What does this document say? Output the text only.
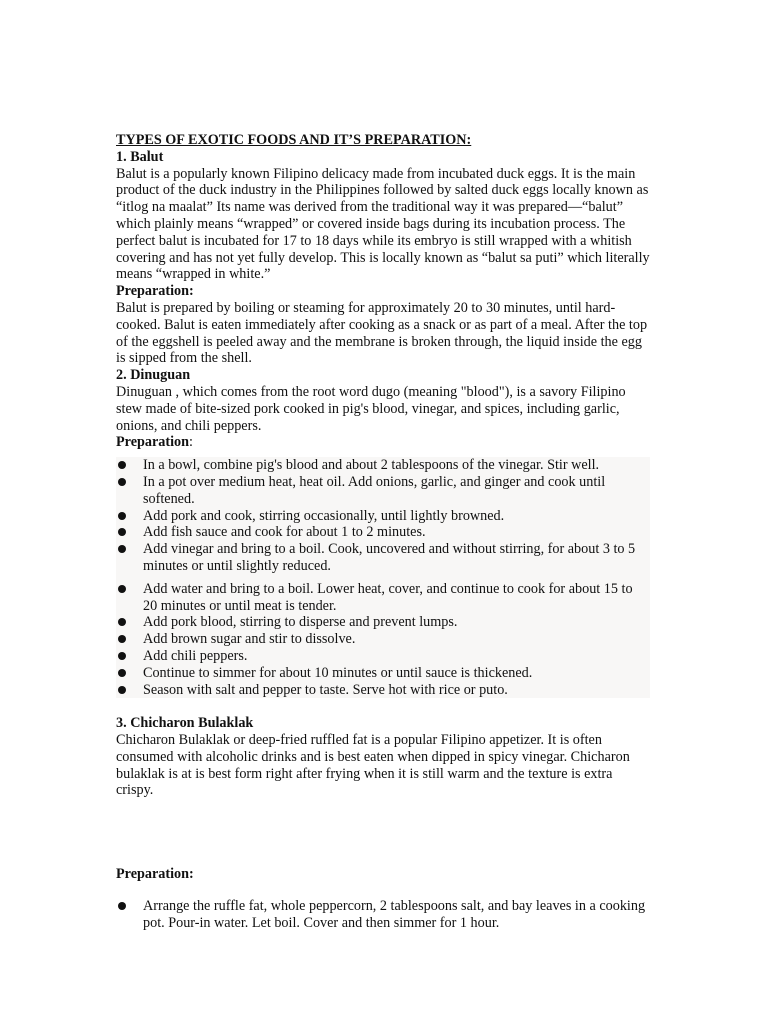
TYPES OF EXOTIC FOODS AND IT’S PREPARATION:

1. Balut

Balut is a popularly known Filipino delicacy made from incubated duck eggs. It is the main product of the duck industry in the Philippines followed by salted duck eggs locally known as “itlog na maalat” Its name was derived from the traditional way it was prepared—“balut” which plainly means “wrapped” or covered inside bags during its incubation process. The perfect balut is incubated for 17 to 18 days while its embryo is still wrapped with a whitish covering and has not yet fully develop. This is locally known as “balut sa puti” which literally means “wrapped in white.”

Preparation:

Balut is prepared by boiling or steaming for approximately 20 to 30 minutes, until hard-cooked. Balut is eaten immediately after cooking as a snack or as part of a meal. After the top of the eggshell is peeled away and the membrane is broken through, the liquid inside the egg is sipped from the shell.

2. Dinuguan

Dinuguan , which comes from the root word dugo (meaning "blood"), is a savory Filipino stew made of bite-sized pork cooked in pig's blood, vinegar, and spices, including garlic, onions, and chili peppers.

Preparation:

In a bowl, combine pig's blood and about 2 tablespoons of the vinegar. Stir well.
In a pot over medium heat, heat oil. Add onions, garlic, and ginger and cook until softened.
Add pork and cook, stirring occasionally, until lightly browned.
Add fish sauce and cook for about 1 to 2 minutes.
Add vinegar and bring to a boil. Cook, uncovered and without stirring, for about 3 to 5 minutes or until slightly reduced.
Add water and bring to a boil. Lower heat, cover, and continue to cook for about 15 to 20 minutes or until meat is tender.
Add pork blood, stirring to disperse and prevent lumps.
Add brown sugar and stir to dissolve.
Add chili peppers.
Continue to simmer for about 10 minutes or until sauce is thickened.
Season with salt and pepper to taste. Serve hot with rice or puto.

3. Chicharon Bulaklak

Chicharon Bulaklak or deep-fried ruffled fat is a popular Filipino appetizer. It is often consumed with alcoholic drinks and is best eaten when dipped in spicy vinegar. Chicharon bulaklak is at is best form right after frying when it is still warm and the texture is extra crispy.

Preparation:

Arrange the ruffle fat, whole peppercorn, 2 tablespoons salt, and bay leaves in a cooking pot. Pour-in water. Let boil. Cover and then simmer for 1 hour.
